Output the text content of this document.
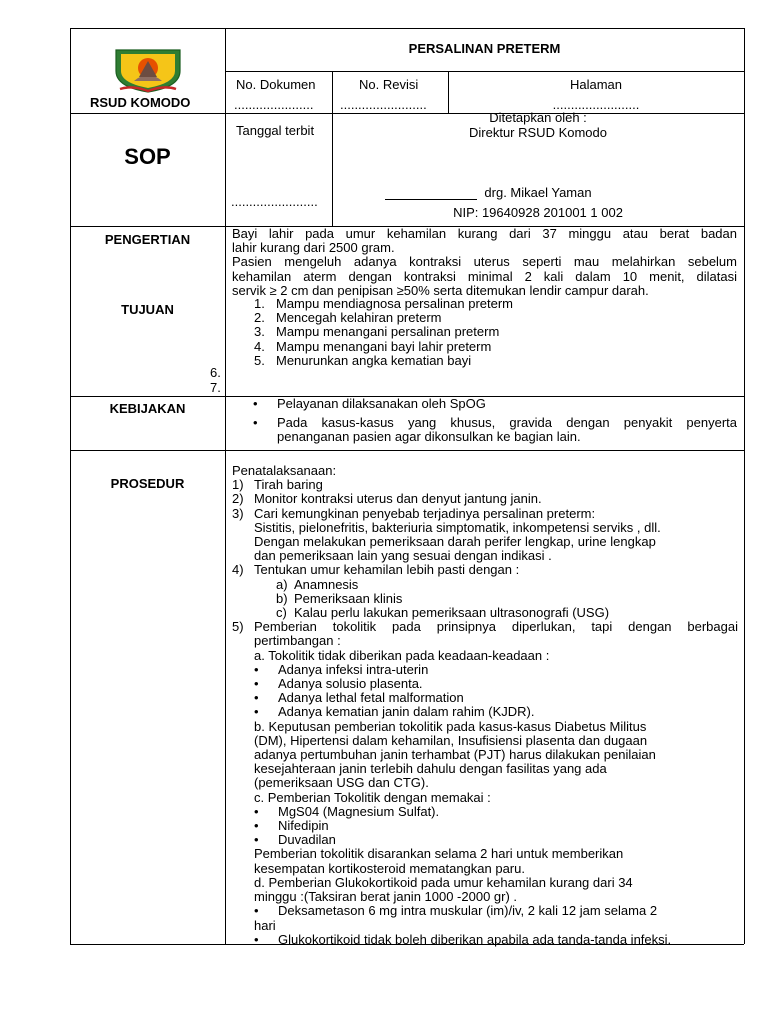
RSUD KOMODO
PERSALINAN PRETERM
No. Dokumen
......................
No. Revisi
........................
Halaman
........................
SOP
Tanggal terbit
........................
Ditetapkan oleh :
Direktur RSUD Komodo
drg. Mikael Yaman
NIP: 19640928 201001 1 002
PENGERTIAN	Bayi lahir pada umur kehamilan kurang dari 37 minggu atau berat badan
lahir kurang dari 2500 gram.
Pasien mengeluh adanya kontraksi uterus seperti mau melahirkan sebelum
kehamilan aterm dengan kontraksi minimal 2 kali dalam 10 menit, dilatasi
servik ≥ 2 cm dan penipisan ≥50% serta ditemukan lendir campur darah.
TUJUAN	1. Mampu mendiagnosa persalinan preterm
2. Mencegah kelahiran preterm
3. Mampu menangani persalinan preterm
4. Mampu menangani bayi lahir preterm
5. Menurunkan angka kematian bayi
6.
7.
KEBIJAKAN	• Pelayanan dilaksanakan oleh SpOG
•	Pada kasus-kasus yang khusus, gravida dengan penyakit penyerta
penanganan pasien agar dikonsulkan ke bagian lain.
PROSEDUR
Penatalaksanaan:
1) Tirah baring
2) Monitor kontraksi uterus dan denyut jantung janin.
3) Cari kemungkinan penyebab terjadinya persalinan preterm:
Sistitis, pielonefritis, bakteriuria simptomatik, inkompetensi serviks , dll.
Dengan melakukan pemeriksaan darah perifer lengkap, urine lengkap
dan pemeriksaan lain yang sesuai dengan indikasi .
4) Tentukan umur kehamilan lebih pasti dengan :
a) Anamnesis
b) Pemeriksaan klinis
c) Kalau perlu lakukan pemeriksaan ultrasonografi (USG)
5) Pemberian tokolitik pada prinsipnya diperlukan, tapi dengan berbagai
pertimbangan :
a. Tokolitik tidak diberikan pada keadaan-keadaan :
• Adanya infeksi intra-uterin
• Adanya solusio plasenta.
• Adanya lethal fetal malformation
• Adanya kematian janin dalam rahim (KJDR).
b. Keputusan pemberian tokolitik pada kasus-kasus Diabetus Militus
(DM), Hipertensi dalam kehamilan, Insufisiensi plasenta dan dugaan
adanya pertumbuhan janin terhambat (PJT) harus dilakukan penilaian
kesejahteraan janin terlebih dahulu dengan fasilitas yang ada
(pemeriksaan USG dan CTG).
c. Pemberian Tokolitik dengan memakai :
• MgS04 (Magnesium Sulfat).
• Nifedipin
• Duvadilan
Pemberian tokolitik disarankan selama 2 hari untuk memberikan
kesempatan kortikosteroid mematangkan paru.
d. Pemberian Glukokortikoid pada umur kehamilan kurang dari 34
minggu :(Taksiran berat janin 1000 -2000 gr) .
• Deksametason 6 mg intra muskular (im)/iv, 2 kali 12 jam selama 2
hari
• Glukokortikoid tidak boleh diberikan apabila ada tanda-tanda infeksi.
